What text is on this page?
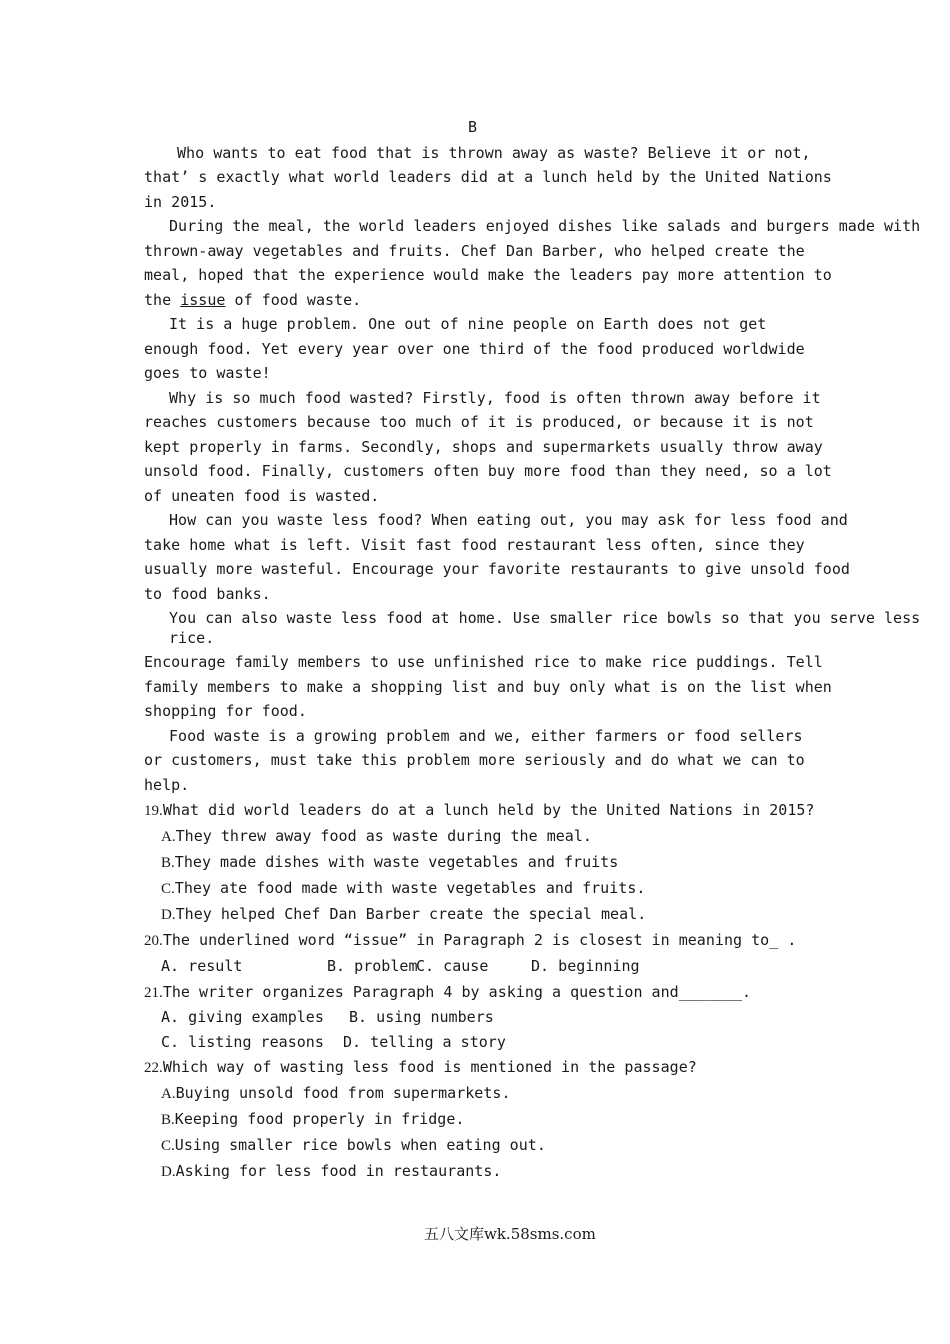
B
Who wants to eat food that is thrown away as waste? Believe it or not,
that’ s exactly what world leaders did at a lunch held by the United Nations
in 2015.
During the meal, the world leaders enjoyed dishes like salads and burgers made with
thrown-away vegetables and fruits. Chef Dan Barber, who helped create the
meal, hoped that the experience would make the leaders pay more attention to
the issue of food waste.
It is a huge problem. One out of nine people on Earth does not get
enough food. Yet every year over one third of the food produced worldwide
goes to waste!
Why is so much food wasted? Firstly, food is often thrown away before it
reaches customers because too much of it is produced, or because it is not
kept properly in farms. Secondly, shops and supermarkets usually throw away
unsold food. Finally, customers often buy more food than they need, so a lot
of uneaten food is wasted.
How can you waste less food? When eating out, you may ask for less food and
take home what is left. Visit fast food restaurant less often, since they
usually more wasteful. Encourage your favorite restaurants to give unsold food
to food banks.
You can also waste less food at home. Use smaller rice bowls so that you serve less
rice.
Encourage family members to use unfinished rice to make rice puddings. Tell
family members to make a shopping list and buy only what is on the list when
shopping for food.
Food waste is a growing problem and we, either farmers or food sellers
or customers, must take this problem more seriously and do what we can to
help.
19.What did world leaders do at a lunch held by the United Nations in 2015?
A.They threw away food as waste during the meal.
B.They made dishes with waste vegetables and fruits
C.They ate food made with waste vegetables and fruits.
D.They helped Chef Dan Barber create the special meal.
20.The underlined word “issue” in Paragraph 2 is closest in meaning to_ .
A. result	B. problem
C. cause	D. beginning
21.The writer organizes Paragraph 4 by asking a question and_______.
A. giving examples B. using numbers
C. listing reasons D. telling a story
22.Which way of wasting less food is mentioned in the passage?
A.Buying unsold food from supermarkets.
B.Keeping food properly in fridge.
C.Using smaller rice bowls when eating out.
D.Asking for less food in restaurants.
五八文库wk.58sms.com
